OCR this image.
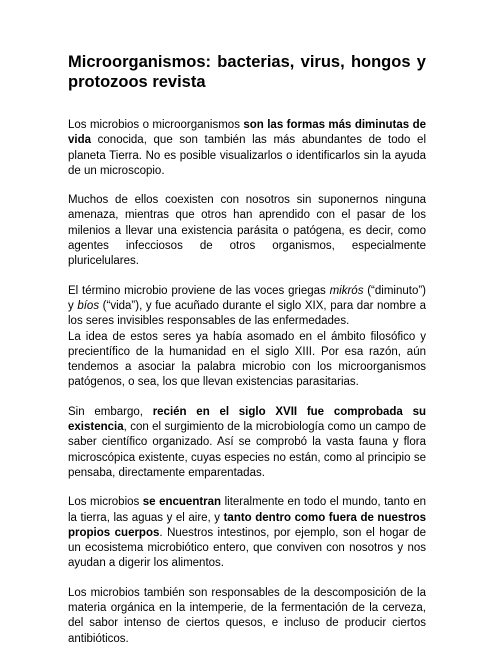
Microorganismos: bacterias, virus, hongos y
protozoos revista

Los microbios o microorganismos son las formas más diminutas de vida conocida, que son también las más abundantes de todo el planeta Tierra. No es posible visualizarlos o identificarlos sin la ayuda de un microscopio.

Muchos de ellos coexisten con nosotros sin suponernos ninguna amenaza, mientras que otros han aprendido con el pasar de los milenios a llevar una existencia parásita o patógena, es decir, como agentes infecciosos de otros organismos, especialmente pluricelulares.

El término microbio proviene de las voces griegas mikrós (“diminuto”) y bíos (“vida”), y fue acuñado durante el siglo XIX, para dar nombre a los seres invisibles responsables de las enfermedades.

La idea de estos seres ya había asomado en el ámbito filosófico y precientífico de la humanidad en el siglo XIII. Por esa razón, aún tendemos a asociar la palabra microbio con los microorganismos patógenos, o sea, los que llevan existencias parasitarias.

Sin embargo, recién en el siglo XVII fue comprobada su existencia, con el surgimiento de la microbiología como un campo de saber científico organizado. Así se comprobó la vasta fauna y flora microscópica existente, cuyas especies no están, como al principio se pensaba, directamente emparentadas.

Los microbios se encuentran literalmente en todo el mundo, tanto en la tierra, las aguas y el aire, y tanto dentro como fuera de nuestros propios cuerpos. Nuestros intestinos, por ejemplo, son el hogar de un ecosistema microbiótico entero, que conviven con nosotros y nos ayudan a digerir los alimentos.

Los microbios también son responsables de la descomposición de la materia orgánica en la intemperie, de la fermentación de la cerveza, del sabor intenso de ciertos quesos, e incluso de producir ciertos antibióticos.
